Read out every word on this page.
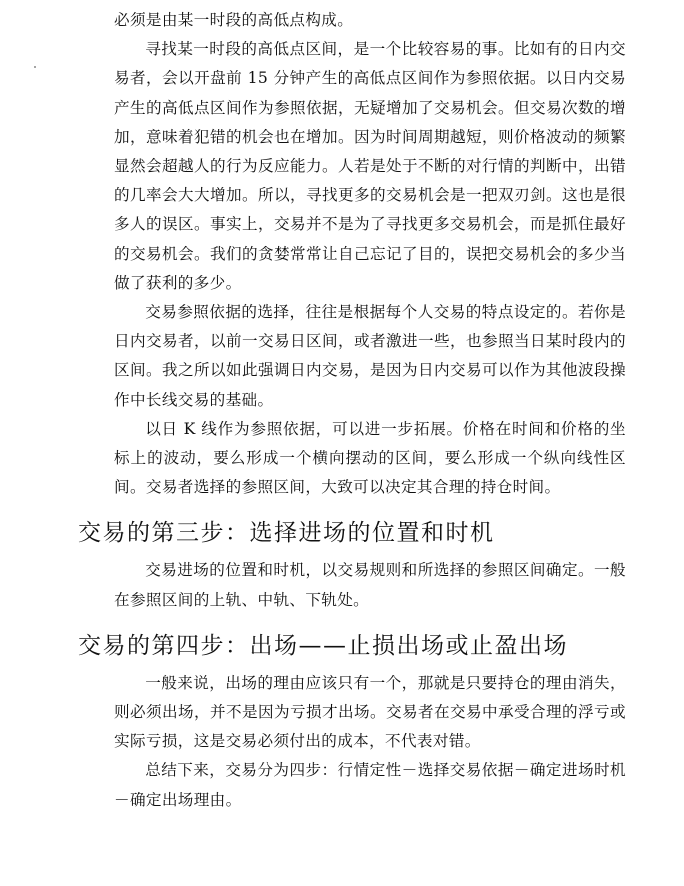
必须是由某一时段的高低点构成。

寻找某一时段的高低点区间，是一个比较容易的事。比如有的日内交易者，会以开盘前 15 分钟产生的高低点区间作为参照依据。以日内交易产生的高低点区间作为参照依据，无疑增加了交易机会。但交易次数的增加，意味着犯错的机会也在增加。因为时间周期越短，则价格波动的频繁显然会超越人的行为反应能力。人若是处于不断的对行情的判断中，出错的几率会大大增加。所以，寻找更多的交易机会是一把双刃剑。这也是很多人的误区。事实上，交易并不是为了寻找更多交易机会，而是抓住最好的交易机会。我们的贪婪常常让自己忘记了目的，误把交易机会的多少当做了获利的多少。

交易参照依据的选择，往往是根据每个人交易的特点设定的。若你是日内交易者，以前一交易日区间，或者激进一些，也参照当日某时段内的区间。我之所以如此强调日内交易，是因为日内交易可以作为其他波段操作中长线交易的基础。

以日 K 线作为参照依据，可以进一步拓展。价格在时间和价格的坐标上的波动，要么形成一个横向摆动的区间，要么形成一个纵向线性区间。交易者选择的参照区间，大致可以决定其合理的持仓时间。

交易的第三步：选择进场的位置和时机

交易进场的位置和时机，以交易规则和所选择的参照区间确定。一般在参照区间的上轨、中轨、下轨处。

交易的第四步：出场——止损出场或止盈出场

一般来说，出场的理由应该只有一个，那就是只要持仓的理由消失，则必须出场，并不是因为亏损才出场。交易者在交易中承受合理的浮亏或实际亏损，这是交易必须付出的成本，不代表对错。

总结下来，交易分为四步：行情定性－选择交易依据－确定进场时机－确定出场理由。
